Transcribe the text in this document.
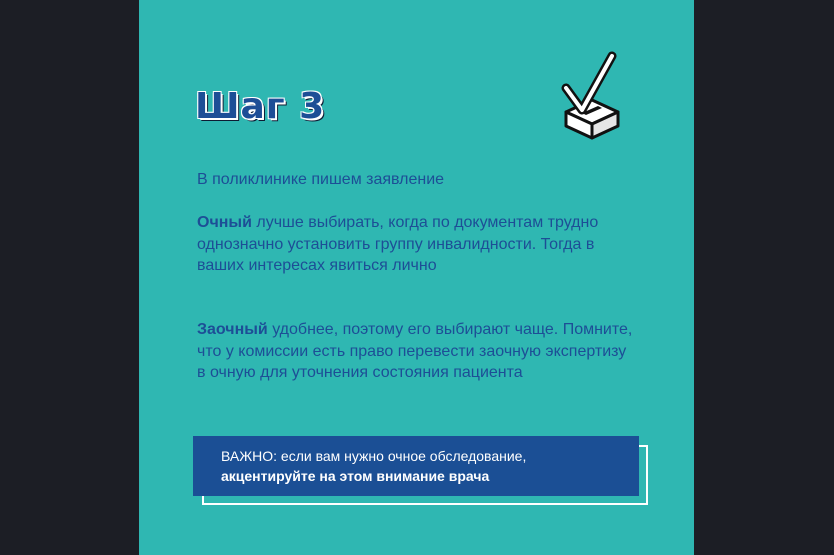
Шаг 3
В поликлинике пишем заявление
Очный лучше выбирать, когда по документам трудно однозначно установить группу инвалидности. Тогда в ваших интересах явиться лично
Заочный удобнее, поэтому его выбирают чаще. Помните, что у комиссии есть право перевести заочную экспертизу в очную для уточнения состояния пациента
ВАЖНО: если вам нужно очное обследование,
акцентируйте на этом внимание врача
